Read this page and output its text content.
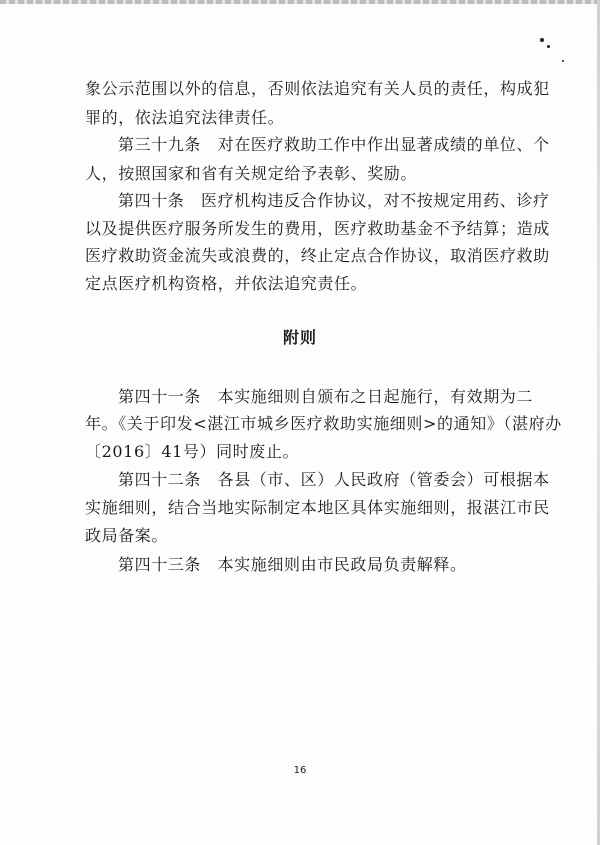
象公示范围以外的信息，否则依法追究有关人员的责任，构成犯
罪的，依法追究法律责任。
第三十九条　对在医疗救助工作中作出显著成绩的单位、个
人，按照国家和省有关规定给予表彰、奖励。
第四十条　医疗机构违反合作协议，对不按规定用药、诊疗
以及提供医疗服务所发生的费用，医疗救助基金不予结算；造成
医疗救助资金流失或浪费的，终止定点合作协议，取消医疗救助
定点医疗机构资格，并依法追究责任。
附则
第四十一条　本实施细则自颁布之日起施行，有效期为二
年。《关于印发<湛江市城乡医疗救助实施细则>的通知》（湛府办
〔2016〕41号）同时废止。
第四十二条　各县（市、区）人民政府（管委会）可根据本
实施细则，结合当地实际制定本地区具体实施细则，报湛江市民
政局备案。
第四十三条　本实施细则由市民政局负责解释。
16
